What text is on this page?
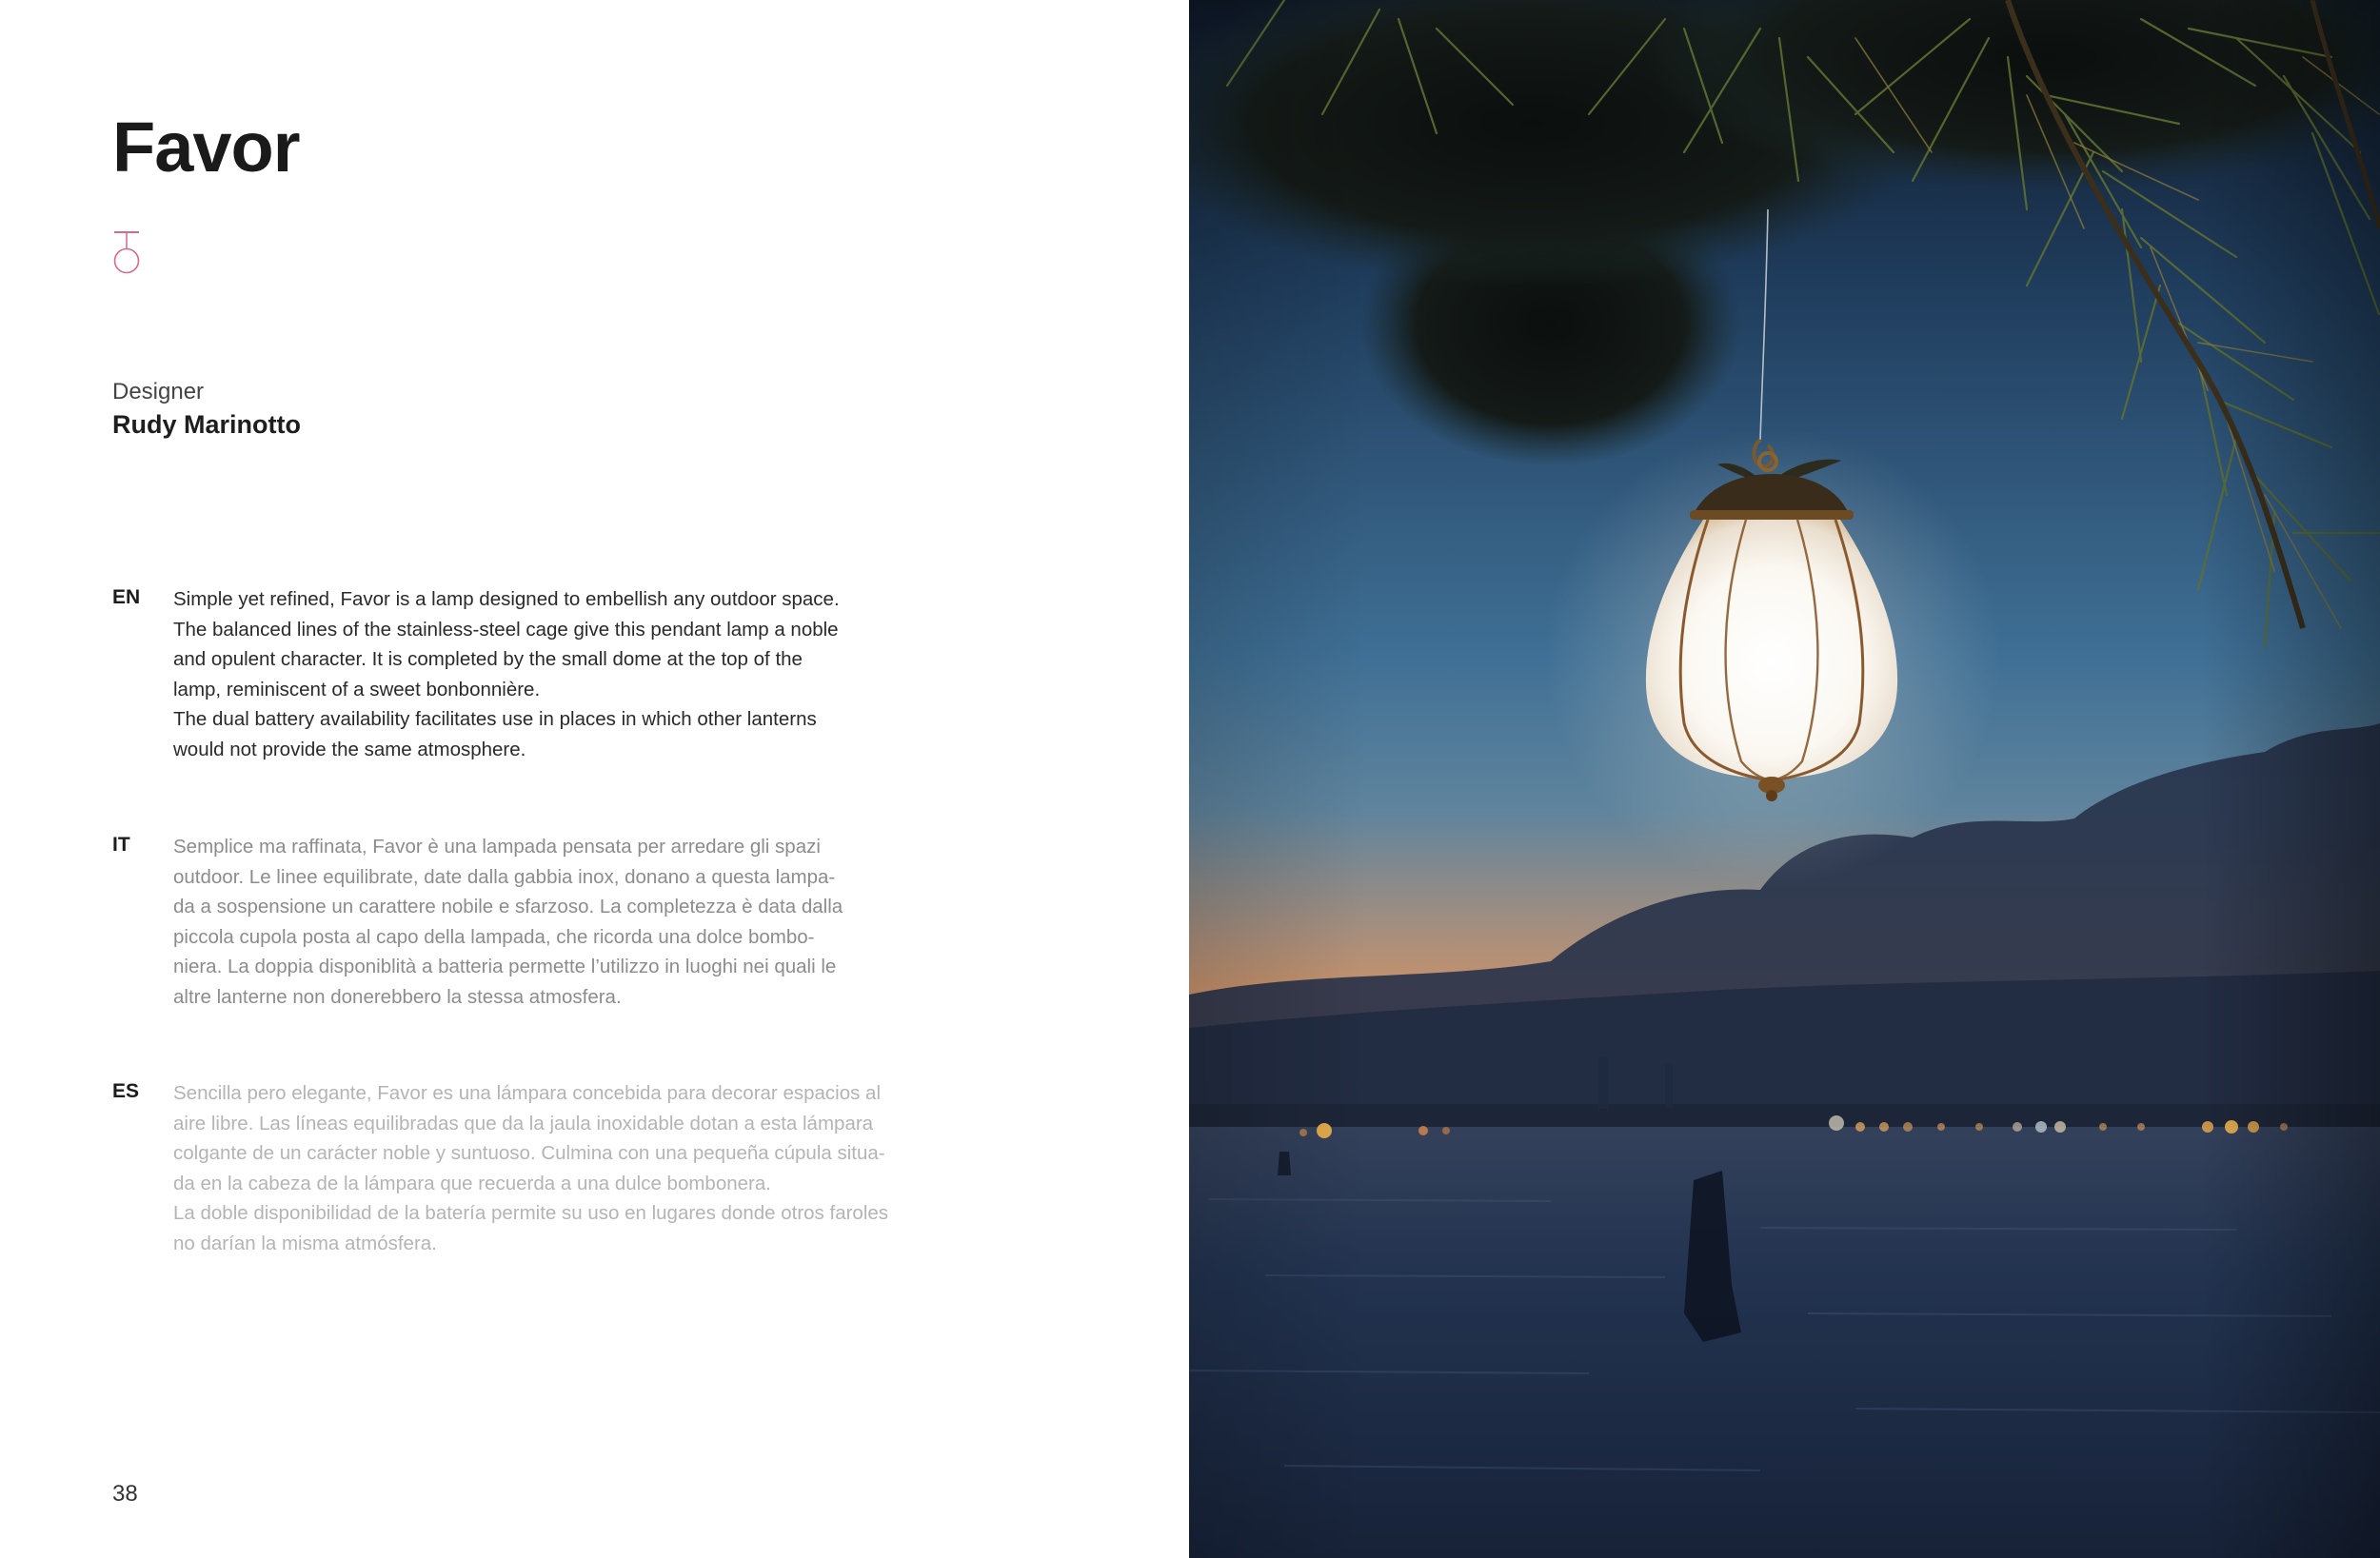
Favor
Designer
Rudy Marinotto
EN Simple yet refined, Favor is a lamp designed to embellish any outdoor space.
The balanced lines of the stainless-steel cage give this pendant lamp a noble
and opulent character. It is completed by the small dome at the top of the
lamp, reminiscent of a sweet bonbonnière.
The dual battery availability facilitates use in places in which other lanterns
would not provide the same atmosphere.

IT Semplice ma raffinata, Favor è una lampada pensata per arredare gli spazi
outdoor. Le linee equilibrate, date dalla gabbia inox, donano a questa lampa-
da a sospensione un carattere nobile e sfarzoso. La completezza è data dalla
piccola cupola posta al capo della lampada, che ricorda una dolce bombo-
niera. La doppia disponiblità a batteria permette l’utilizzo in luoghi nei quali le
altre lanterne non donerebbero la stessa atmosfera.

ES Sencilla pero elegante, Favor es una lámpara concebida para decorar espacios al
aire libre. Las líneas equilibradas que da la jaula inoxidable dotan a esta lámpara
colgante de un carácter noble y suntuoso. Culmina con una pequeña cúpula situa-
da en la cabeza de la lámpara que recuerda a una dulce bombonera.
La doble disponibilidad de la batería permite su uso en lugares donde otros faroles
no darían la misma atmósfera.

38
